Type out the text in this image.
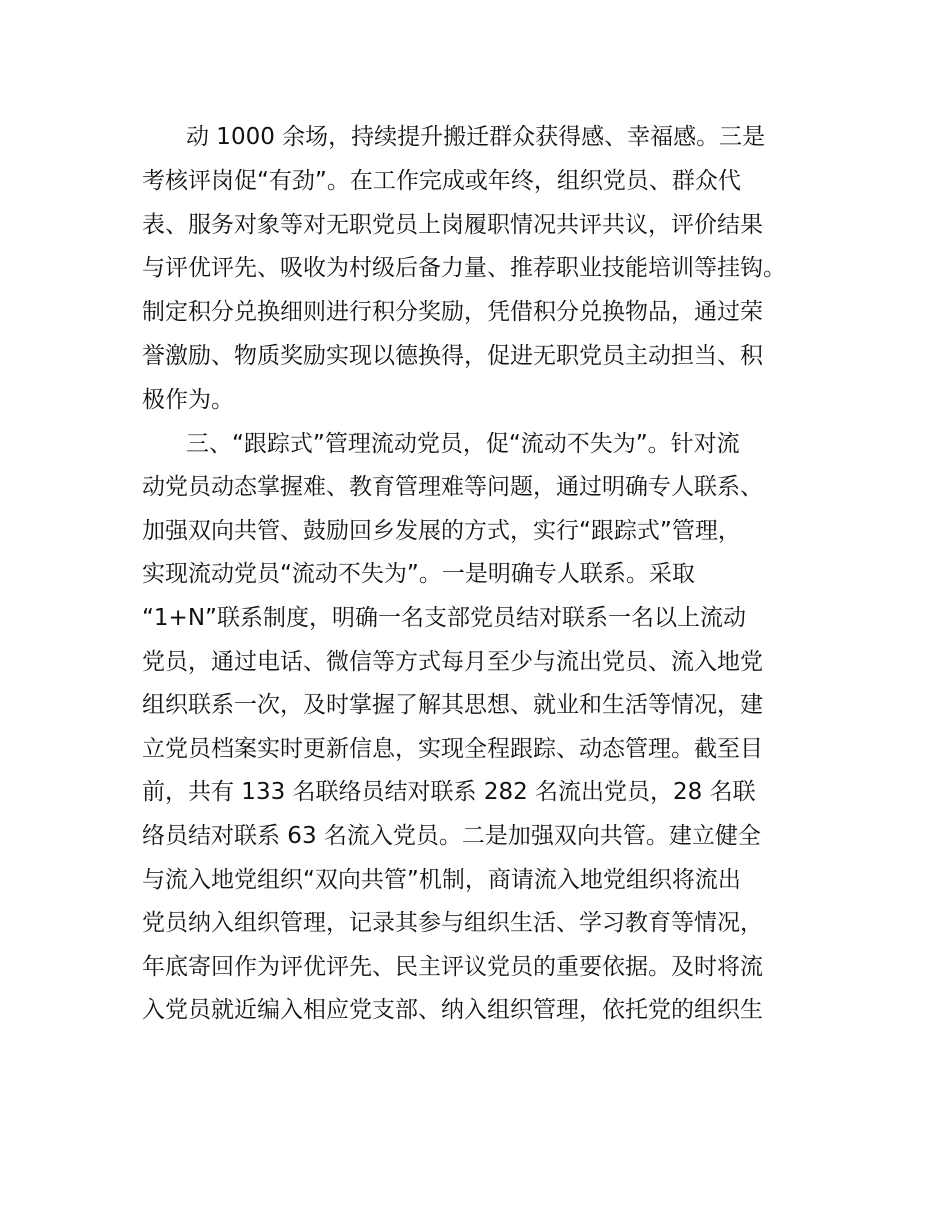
动 1000 余场，持续提升搬迁群众获得感、幸福感。三是
考核评岗促“有劲”。在工作完成或年终，组织党员、群众代
表、服务对象等对无职党员上岗履职情况共评共议，评价结果
与评优评先、吸收为村级后备力量、推荐职业技能培训等挂钩。
制定积分兑换细则进行积分奖励，凭借积分兑换物品，通过荣
誉激励、物质奖励实现以德换得，促进无职党员主动担当、积
极作为。
三、“跟踪式”管理流动党员，促“流动不失为”。针对流
动党员动态掌握难、教育管理难等问题，通过明确专人联系、
加强双向共管、鼓励回乡发展的方式，实行“跟踪式”管理，
实现流动党员“流动不失为”。一是明确专人联系。采取
“1+N”联系制度，明确一名支部党员结对联系一名以上流动
党员，通过电话、微信等方式每月至少与流出党员、流入地党
组织联系一次，及时掌握了解其思想、就业和生活等情况，建
立党员档案实时更新信息，实现全程跟踪、动态管理。截至目
前，共有 133 名联络员结对联系 282 名流出党员，28 名联
络员结对联系 63 名流入党员。二是加强双向共管。建立健全
与流入地党组织“双向共管”机制，商请流入地党组织将流出
党员纳入组织管理，记录其参与组织生活、学习教育等情况，
年底寄回作为评优评先、民主评议党员的重要依据。及时将流
入党员就近编入相应党支部、纳入组织管理，依托党的组织生
